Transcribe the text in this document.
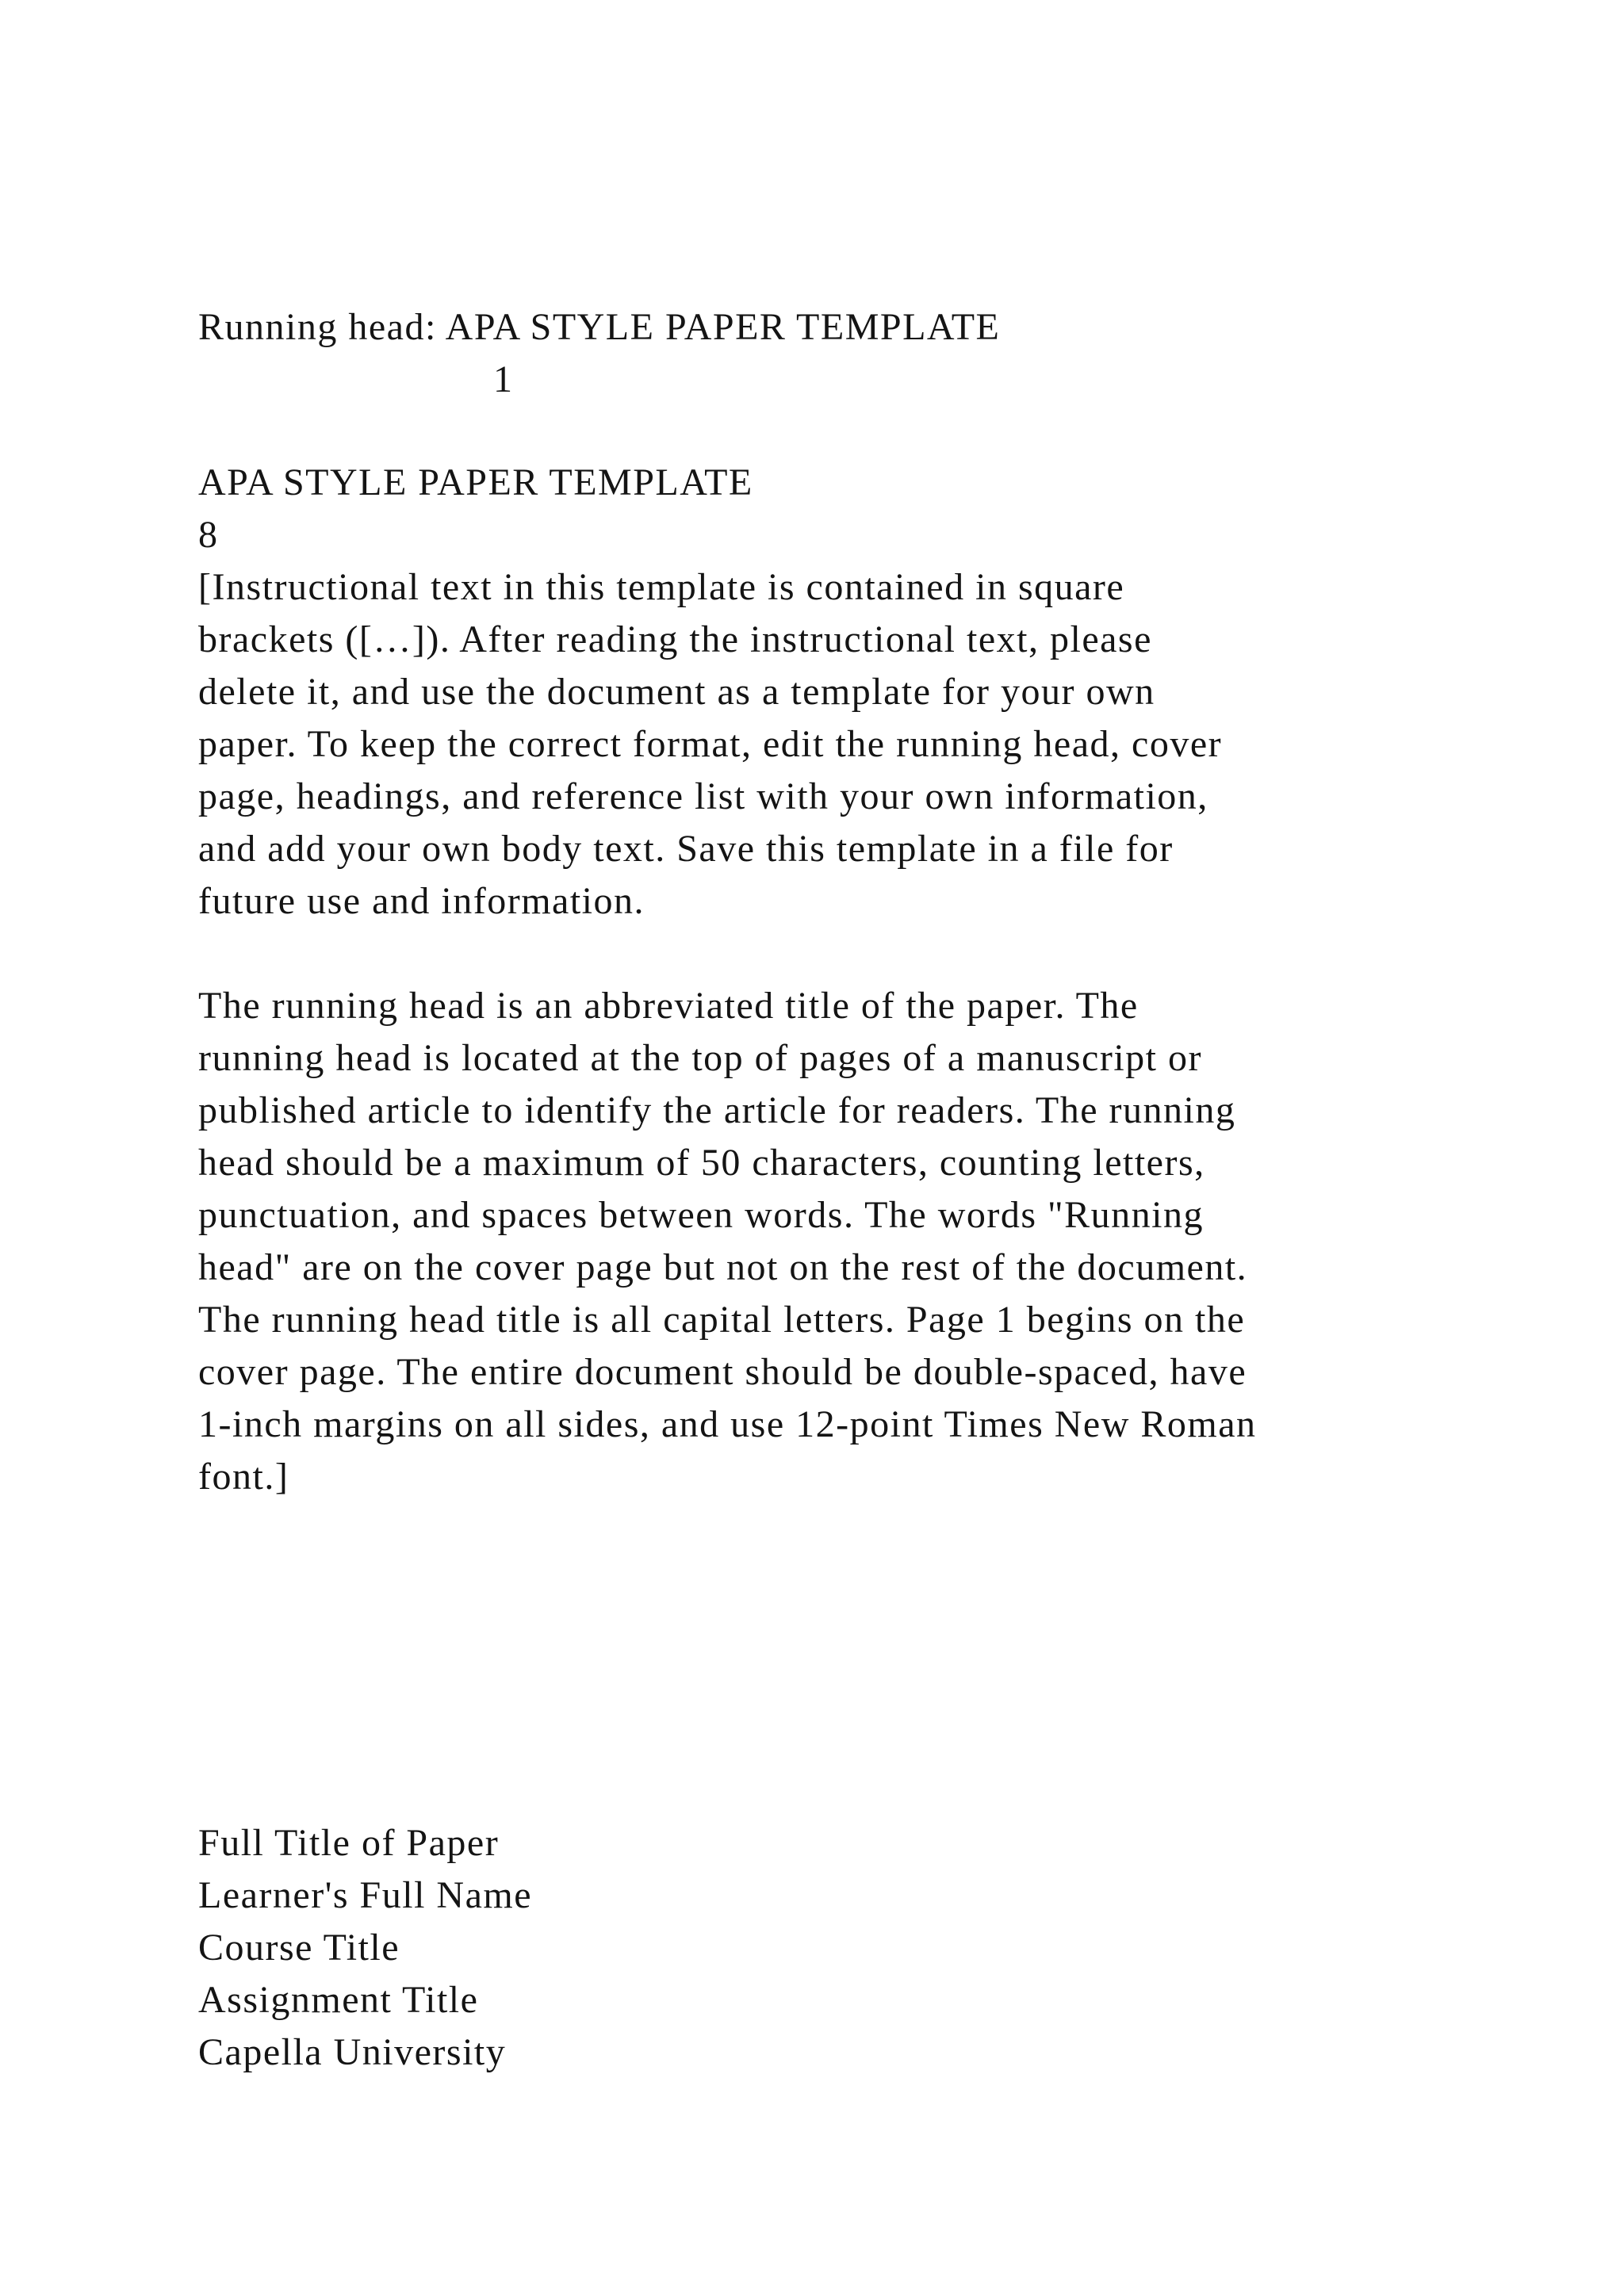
Running head: APA STYLE PAPER TEMPLATE
1
APA STYLE PAPER TEMPLATE
8
[Instructional text in this template is contained in square
brackets ([…]). After reading the instructional text, please
delete it, and use the document as a template for your own
paper. To keep the correct format, edit the running head, cover
page, headings, and reference list with your own information,
and add your own body text. Save this template in a file for
future use and information.
The running head is an abbreviated title of the paper. The
running head is located at the top of pages of a manuscript or
published article to identify the article for readers. The running
head should be a maximum of 50 characters, counting letters,
punctuation, and spaces between words. The words "Running
head" are on the cover page but not on the rest of the document.
The running head title is all capital letters. Page 1 begins on the
cover page. The entire document should be double-spaced, have
1-inch margins on all sides, and use 12-point Times New Roman
font.]
Full Title of Paper
Learner's Full Name
Course Title
Assignment Title
Capella University
